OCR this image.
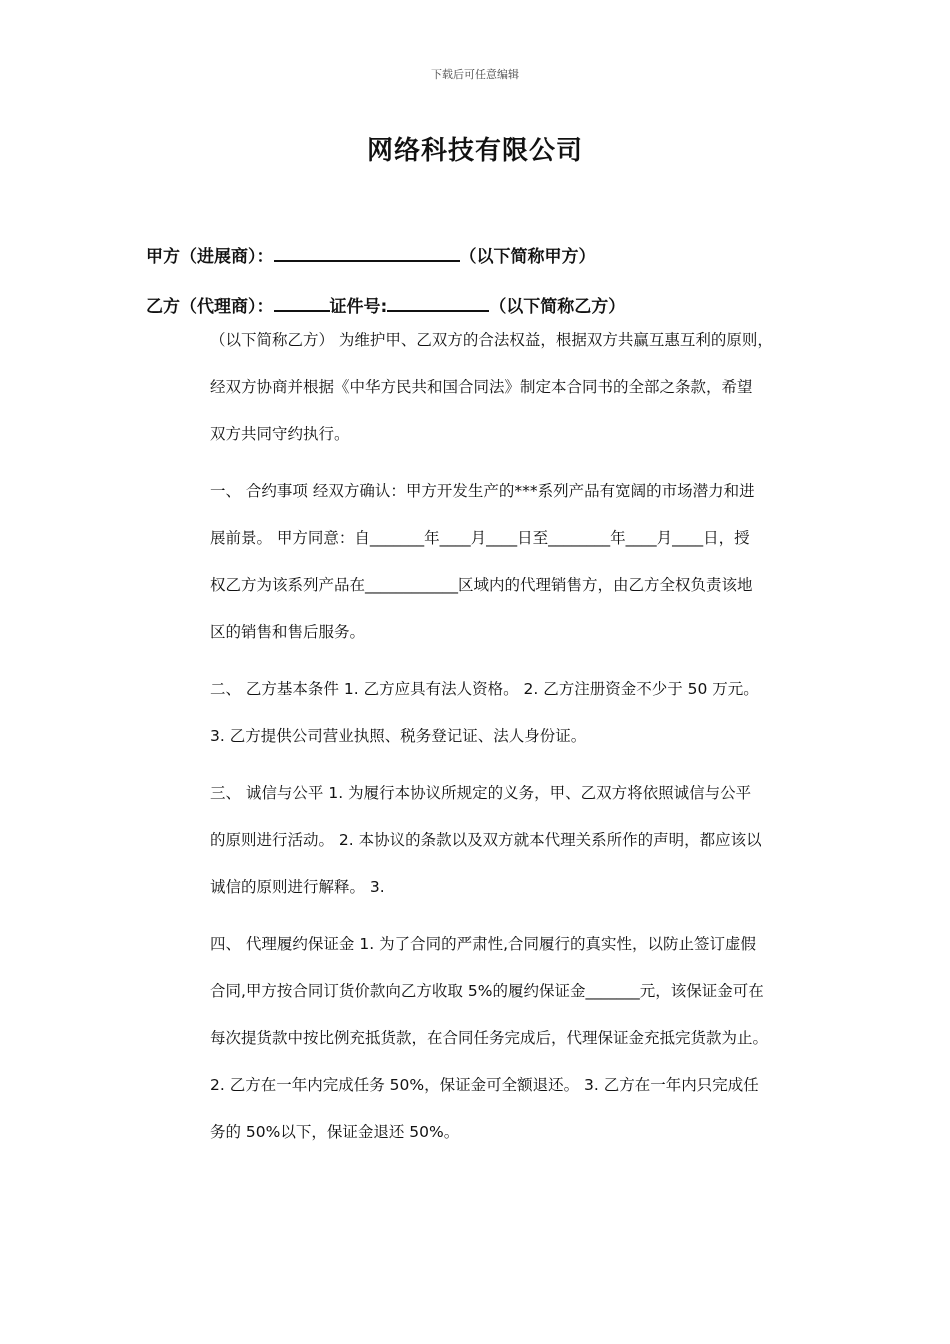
下载后可任意编辑
网络科技有限公司
甲方（进展商）：	（以下简称甲方）
乙方（代理商）：	证件号:	（以下简称乙方）
（以下简称乙方） 为维护甲、乙双方的合法权益，根据双方共赢互惠互利的原则，
经双方协商并根据《中华方民共和国合同法》制定本合同书的全部之条款，希望
双方共同守约执行。
一、 合约事项 经双方确认：甲方开发生产的***系列产品有宽阔的市场潜力和进
展前景。 甲方同意：自_______年____月____日至________年____月____日，授
权乙方为该系列产品在____________区域内的代理销售方，由乙方全权负责该地
区的销售和售后服务。
二、 乙方基本条件 1. 乙方应具有法人资格。 2. 乙方注册资金不少于 50 万元。
3. 乙方提供公司营业执照、税务登记证、法人身份证。
三、 诚信与公平 1. 为履行本协议所规定的义务，甲、乙双方将依照诚信与公平
的原则进行活动。 2. 本协议的条款以及双方就本代理关系所作的声明，都应该以
诚信的原则进行解释。 3.
四、 代理履约保证金 1. 为了合同的严肃性,合同履行的真实性，以防止签订虚假
合同,甲方按合同订货价款向乙方收取 5%的履约保证金_______元，该保证金可在
每次提货款中按比例充抵货款，在合同任务完成后，代理保证金充抵完货款为止。
2. 乙方在一年内完成任务 50%，保证金可全额退还。 3. 乙方在一年内只完成任
务的 50%以下，保证金退还 50%。
